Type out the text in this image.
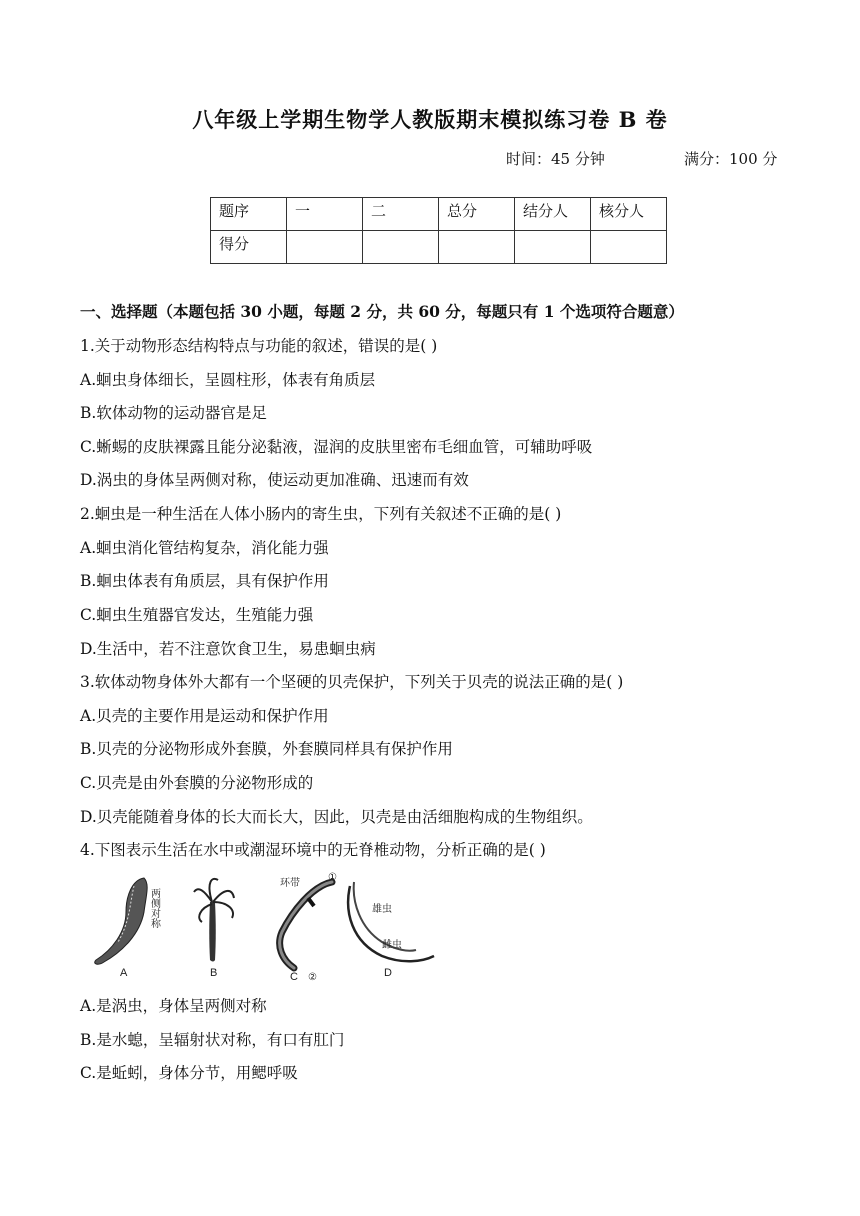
八年级上学期生物学人教版期末模拟练习卷 B 卷
时间：45 分钟	满分：100 分
题序	一	二	总分	结分人	核分人
得分					
一、选择题（本题包括 30 小题，每题 2 分，共 60 分，每题只有 1 个选项符合题意）
1.关于动物形态结构特点与功能的叙述，错误的是( )
A.蛔虫身体细长，呈圆柱形，体表有角质层
B.软体动物的运动器官是足
C.蜥蜴的皮肤裸露且能分泌黏液，湿润的皮肤里密布毛细血管，可辅助呼吸
D.涡虫的身体呈两侧对称，使运动更加准确、迅速而有效
2.蛔虫是一种生活在人体小肠内的寄生虫，下列有关叙述不正确的是( )
A.蛔虫消化管结构复杂，消化能力强
B.蛔虫体表有角质层，具有保护作用
C.蛔虫生殖器官发达，生殖能力强
D.生活中，若不注意饮食卫生，易患蛔虫病
3.软体动物身体外大都有一个坚硬的贝壳保护，下列关于贝壳的说法正确的是( )
A.贝壳的主要作用是运动和保护作用
B.贝壳的分泌物形成外套膜，外套膜同样具有保护作用
C.贝壳是由外套膜的分泌物形成的
D.贝壳能随着身体的长大而长大，因此，贝壳是由活细胞构成的生物组织。
4.下图表示生活在水中或潮湿环境中的无脊椎动物，分析正确的是( )
两侧对称
A	B
环带
①
②
C
雄虫
雌虫
D
A.是涡虫，身体呈两侧对称
B.是水螅，呈辐射状对称，有口有肛门
C.是蚯蚓，身体分节，用鳃呼吸
